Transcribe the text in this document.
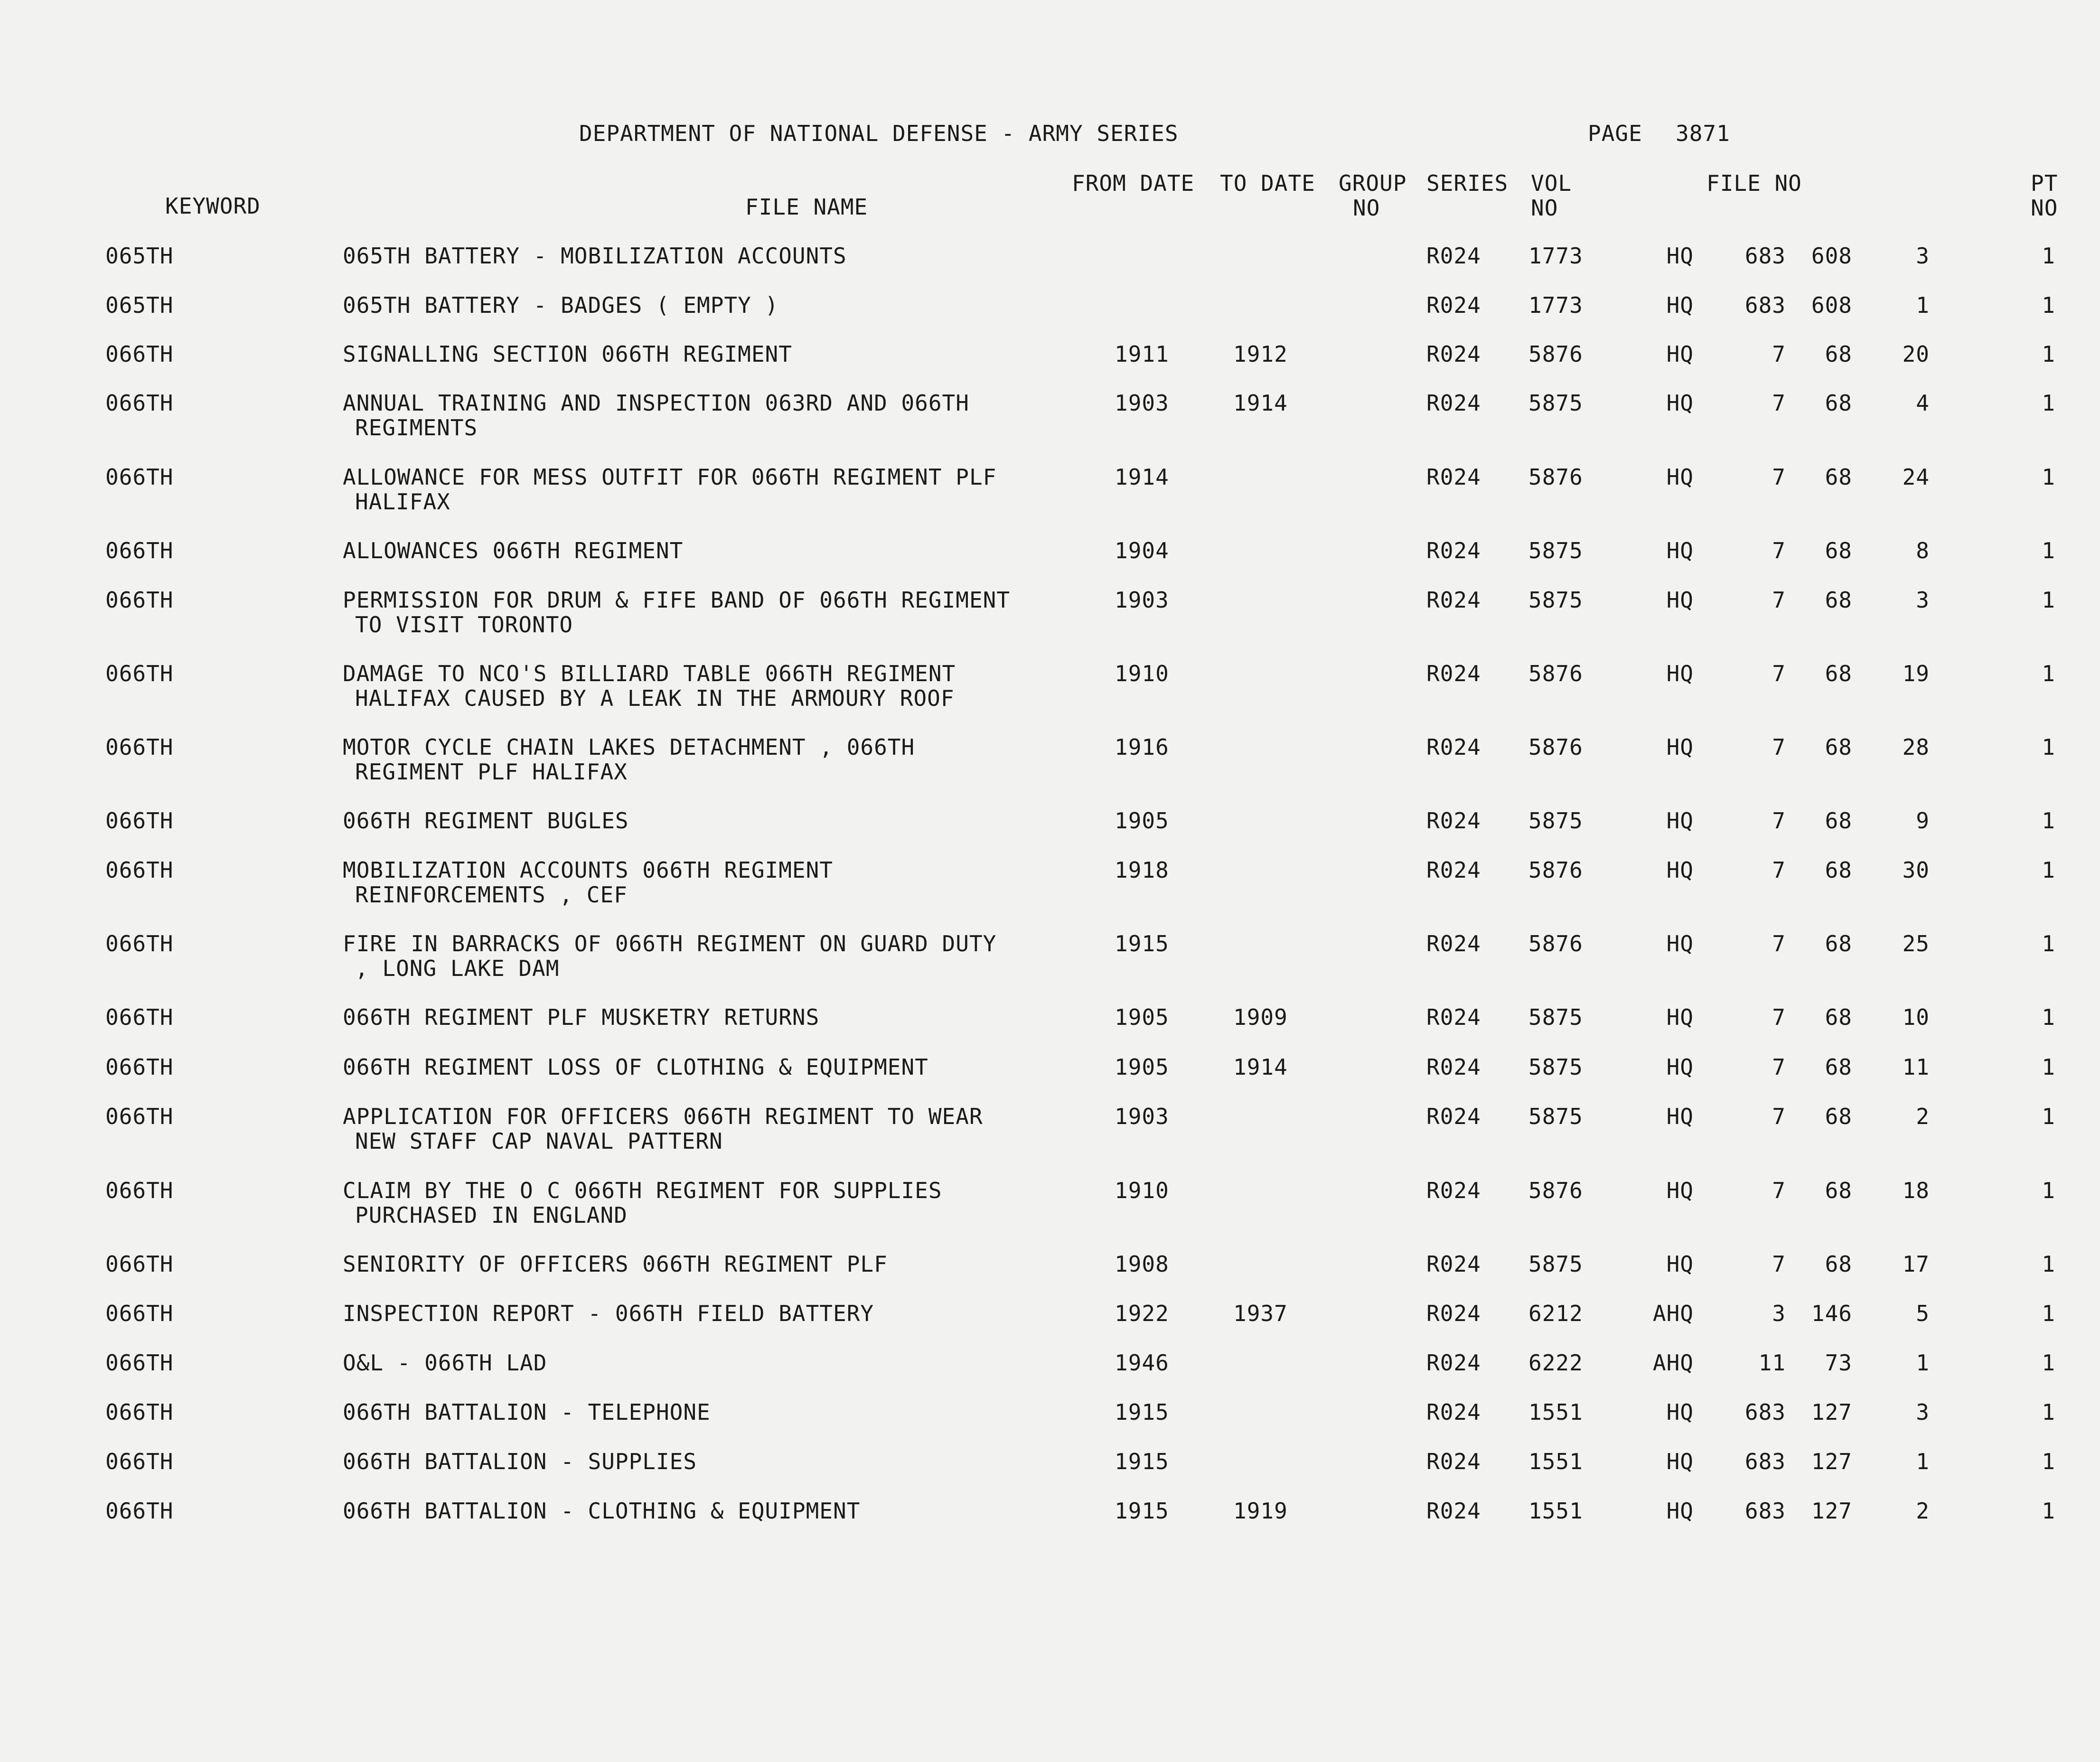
DEPARTMENT OF NATIONAL DEFENSE - ARMY SERIES	PAGE 3871
KEYWORD	FILE NAME
FROM DATE TO DATE GROUP
NO
SERIES VOL
NO
FILE NO	PT
NO
065TH	065TH BATTERY - MOBILIZATION ACCOUNTS	R024 1773	HQ 683 608	3	1
065TH	065TH BATTERY - BADGES ( EMPTY )	R024 1773	HQ 683 608	1	1
066TH	SIGNALLING SECTION 066TH REGIMENT	1911	1912	R024 5876	HQ	7 68 20	1
066TH	ANNUAL TRAINING AND INSPECTION 063RD AND 066TH
REGIMENTS
1903	1914	R024 5875	HQ	7 68	4	1
066TH	ALLOWANCE FOR MESS OUTFIT FOR 066TH REGIMENT PLF
HALIFAX
1914	R024 5876	HQ	7 68 24	1
066TH	ALLOWANCES 066TH REGIMENT	1904	R024 5875	HQ	7 68	8	1
066TH	PERMISSION FOR DRUM & FIFE BAND OF 066TH REGIMENT
TO VISIT TORONTO
1903	R024 5875	HQ	7 68	3	1
066TH	DAMAGE TO NCO'S BILLIARD TABLE 066TH REGIMENT
HALIFAX CAUSED BY A LEAK IN THE ARMOURY ROOF
1910	R024 5876	HQ	7 68 19	1
066TH	MOTOR CYCLE CHAIN LAKES DETACHMENT , 066TH
REGIMENT PLF HALIFAX
1916	R024 5876	HQ	7 68 28	1
066TH	066TH REGIMENT BUGLES	1905	R024 5875	HQ	7 68	9	1
066TH	MOBILIZATION ACCOUNTS 066TH REGIMENT
REINFORCEMENTS , CEF
1918	R024 5876	HQ	7 68 30	1
066TH	FIRE IN BARRACKS OF 066TH REGIMENT ON GUARD DUTY
, LONG LAKE DAM
1915	R024 5876	HQ	7 68 25	1
066TH	066TH REGIMENT PLF MUSKETRY RETURNS	1905	1909	R024 5875	HQ	7 68 10	1
066TH	066TH REGIMENT LOSS OF CLOTHING & EQUIPMENT	1905	1914	R024 5875	HQ	7 68 11	1
066TH	APPLICATION FOR OFFICERS 066TH REGIMENT TO WEAR
NEW STAFF CAP NAVAL PATTERN
1903	R024 5875	HQ	7 68	2	1
066TH	CLAIM BY THE O C 066TH REGIMENT FOR SUPPLIES
PURCHASED IN ENGLAND
1910	R024 5876	HQ	7 68 18	1
066TH	SENIORITY OF OFFICERS 066TH REGIMENT PLF	1908	R024 5875	HQ	7 68 17	1
066TH	INSPECTION REPORT - 066TH FIELD BATTERY	1922	1937	R024 6212	AHQ	3 146	5	1
066TH	O&L - 066TH LAD	1946	R024 6222	AHQ	11 73	1	1
066TH	066TH BATTALION - TELEPHONE	1915	R024 1551	HQ 683 127	3	1
066TH	066TH BATTALION - SUPPLIES	1915	R024 1551	HQ 683 127	1	1
066TH	066TH BATTALION - CLOTHING & EQUIPMENT	1915	1919	R024 1551	HQ 683 127	2	1
